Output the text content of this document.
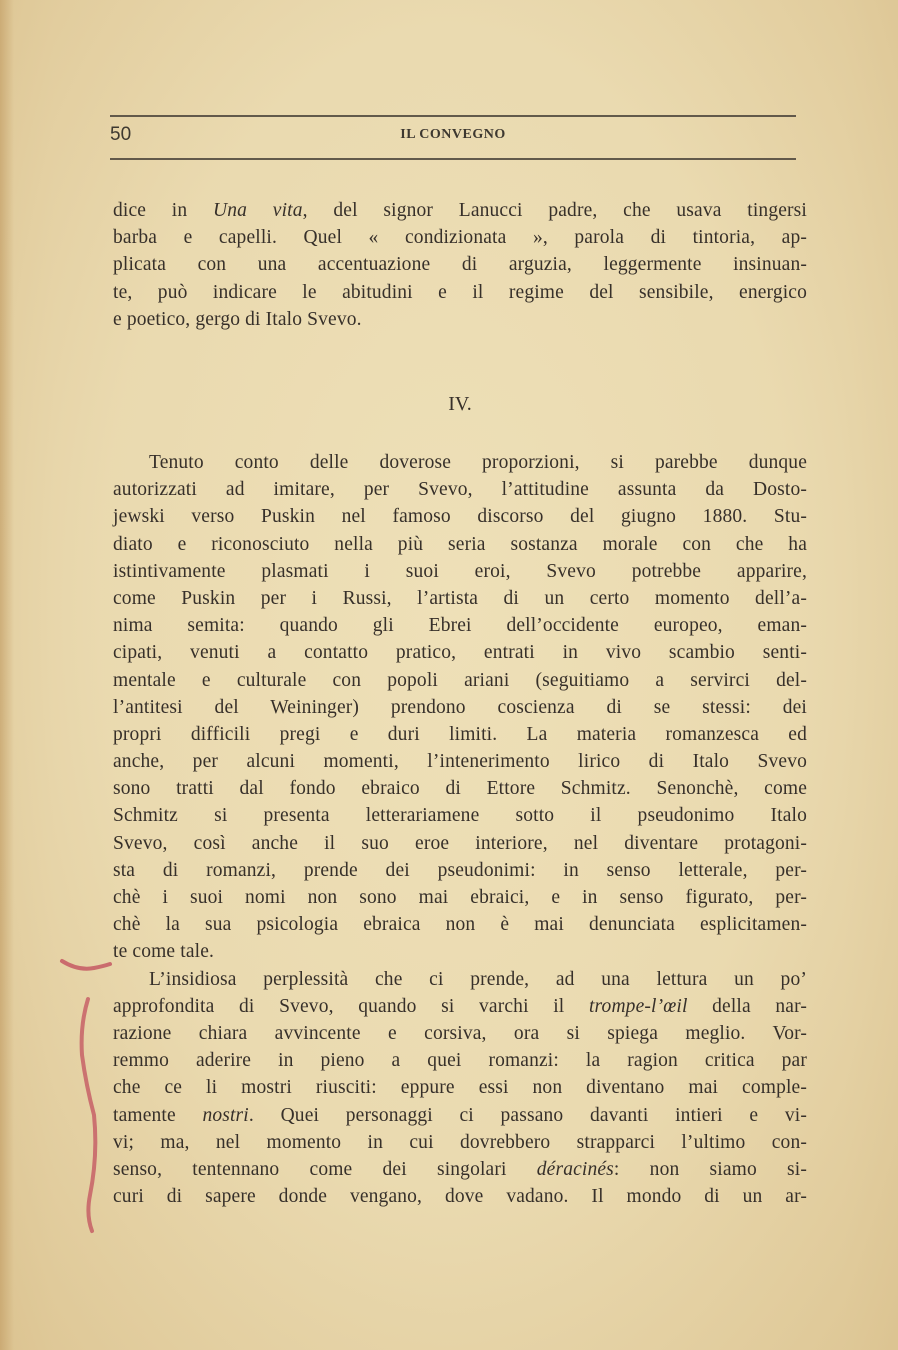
50	IL CONVEGNO
dice in Una vita, del signor Lanucci padre, che usava tingersi
barba e capelli. Quel « condizionata », parola di tintoria, ap-
plicata con una accentuazione di arguzia, leggermente insinuan-
te, può indicare le abitudini e il regime del sensibile, energico
e poetico, gergo di Italo Svevo.
IV.
Tenuto conto delle doverose proporzioni, si parebbe dunque
autorizzati ad imitare, per Svevo, l’attitudine assunta da Dosto-
jewski verso Puskin nel famoso discorso del giugno 1880. Stu-
diato e riconosciuto nella più seria sostanza morale con che ha
istintivamente plasmati i suoi eroi, Svevo potrebbe apparire,
come Puskin per i Russi, l’artista di un certo momento dell’a-
nima semita: quando gli Ebrei dell’occidente europeo, eman-
cipati, venuti a contatto pratico, entrati in vivo scambio senti-
mentale e culturale con popoli ariani (seguitiamo a servirci del-
l’antitesi del Weininger) prendono coscienza di se stessi: dei
propri difficili pregi e duri limiti. La materia romanzesca ed
anche, per alcuni momenti, l’intenerimento lirico di Italo Svevo
sono tratti dal fondo ebraico di Ettore Schmitz. Senonchè, come
Schmitz si presenta letterariamene sotto il pseudonimo Italo
Svevo, così anche il suo eroe interiore, nel diventare protagoni-
sta di romanzi, prende dei pseudonimi: in senso letterale, per-
chè i suoi nomi non sono mai ebraici, e in senso figurato, per-
chè la sua psicologia ebraica non è mai denunciata esplicitamen-
te come tale.
L’insidiosa perplessità che ci prende, ad una lettura un po’
approfondita di Svevo, quando si varchi il trompe-l’œil della nar-
razione chiara avvincente e corsiva, ora si spiega meglio. Vor-
remmo aderire in pieno a quei romanzi: la ragion critica par
che ce li mostri riusciti: eppure essi non diventano mai comple-
tamente nostri. Quei personaggi ci passano davanti intieri e vi-
vi; ma, nel momento in cui dovrebbero strapparci l’ultimo con-
senso, tentennano come dei singolari déracinés: non siamo si-
curi di sapere donde vengano, dove vadano. Il mondo di un ar-
